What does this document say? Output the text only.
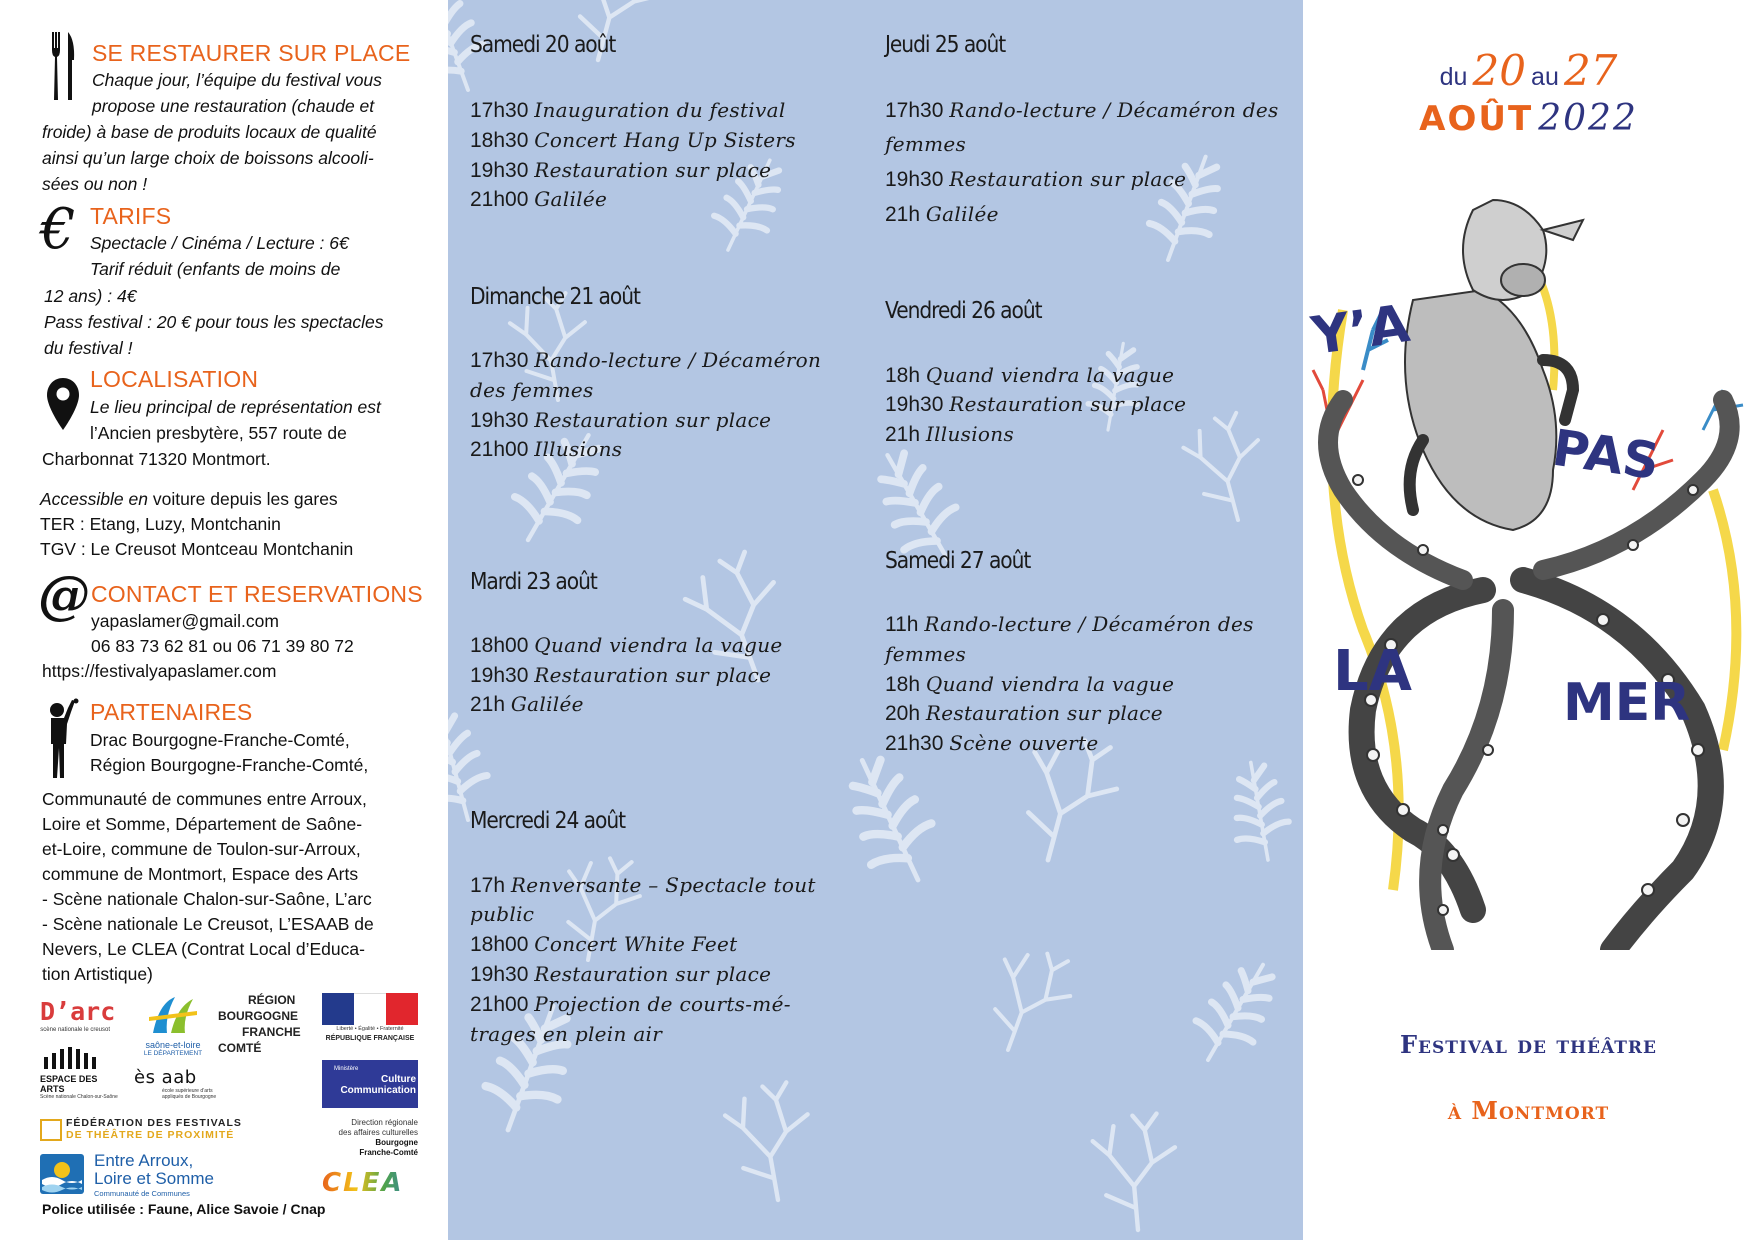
SE RESTAURER SUR PLACE
Chaque jour, l’équipe du festival vous
propose une restauration (chaude et
froide) à base de produits locaux de qualité
ainsi qu’un large choix de boissons alcooli-
sées ou non !
€ TARIFS
Spectacle / Cinéma / Lecture : 6€
Tarif réduit (enfants de moins de
12 ans) : 4€
Pass festival : 20 € pour tous les spectacles
du festival !
LOCALISATION
Le lieu principal de représentation est
l’Ancien presbytère, 557 route de
Charbonnat 71320 Montmort.
Accessible en voiture depuis les gares
TER : Etang, Luzy, Montchanin
TGV : Le Creusot Montceau Montchanin
@ CONTACT ET RESERVATIONS
yapaslamer@gmail.com
06 83 73 62 81 ou 06 71 39 80 72
https://festivalyapaslamer.com
PARTENAIRES
Drac Bourgogne-Franche-Comté,
Région Bourgogne-Franche-Comté,
Communauté de communes entre Arroux,
Loire et Somme, Département de Saône-
et-Loire, commune de Toulon-sur-Arroux,
commune de Montmort, Espace des Arts
- Scène nationale Chalon-sur-Saône, L’arc
- Scène nationale Le Creusot, L’ESAAB de
Nevers, Le CLEA (Contrat Local d’Educa-
tion Artistique)
D’arc
scène nationale le creusot
saône-et-loire
LE DÉPARTEMENT
RÉGION
BOURGOGNE
FRANCHE
COMTÉ
Liberté • Égalité • Fraternité
RÉPUBLIQUE FRANÇAISE
ESPACE DES ARTS
Scène nationale Chalon-sur-Saône
ès aab
école supérieure d’arts appliqués de Bourgogne
Ministère
Culture
Communication
FÉDÉRATION DES FESTIVALS
DE THÉÂTRE DE PROXIMITÉ
Direction régionale
des affaires culturelles
Bourgogne
Franche-Comté
Entre Arroux,
Loire et Somme
Communauté de Communes	CLEA
Police utilisée : Faune, Alice Savoie / Cnap
Samedi 20 août
17h30 Inauguration du festival
18h30 Concert Hang Up Sisters
19h30 Restauration sur place
21h00 Galilée
Dimanche 21 août
17h30 Rando-lecture / Décaméron
des femmes
19h30 Restauration sur place
21h00 Illusions
Mardi 23 août
18h00 Quand viendra la vague
19h30 Restauration sur place
21h Galilée
Mercredi 24 août
17h Renversante – Spectacle tout
public
18h00 Concert White Feet
19h30 Restauration sur place
21h00 Projection de courts-mé-
trages en plein air
Jeudi 25 août
17h30 Rando-lecture / Décaméron des
femmes
19h30 Restauration sur place
21h Galilée
Vendredi 26 août
18h Quand viendra la vague
19h30 Restauration sur place
21h Illusions
Samedi 27 août
11h Rando-lecture / Décaméron des
femmes
18h Quand viendra la vague
20h Restauration sur place
21h30 Scène ouverte
du 20 au 27
AOÛT 2022
Y’A
PAS
LA	MER
Festival de théâtre
à Montmort
